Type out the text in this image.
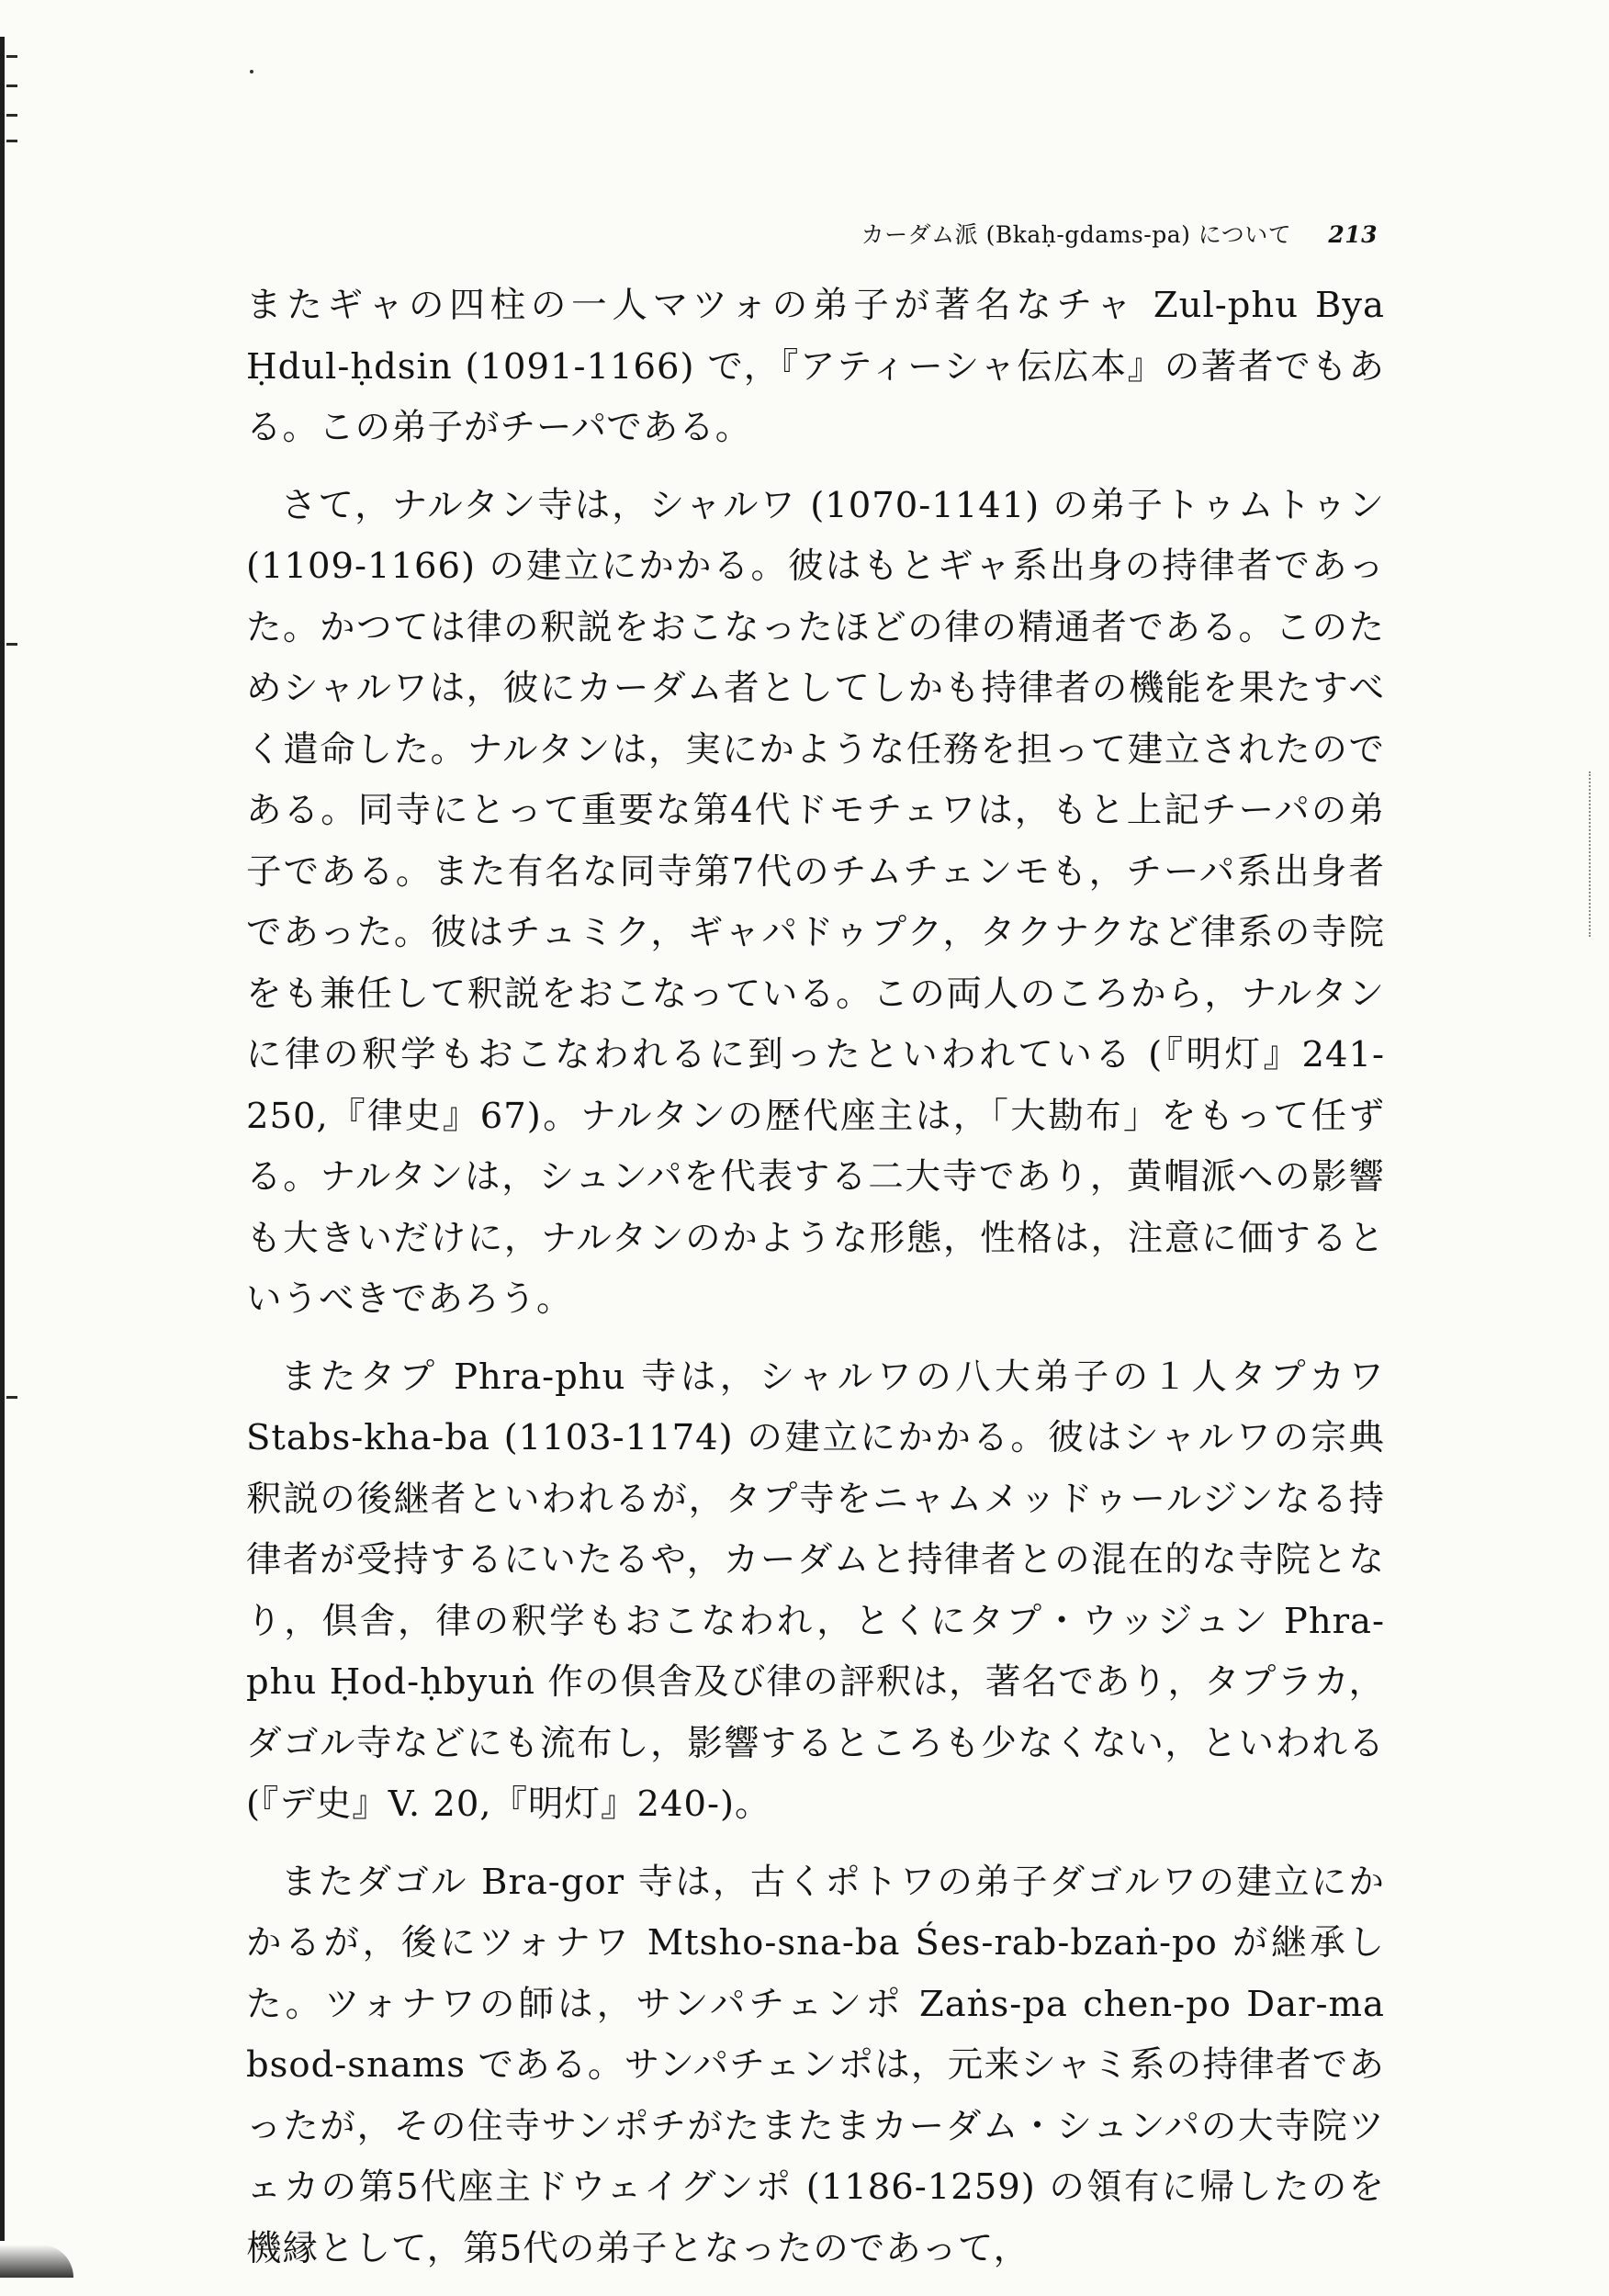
カーダム派 (Bkaḥ-gdams-pa) について 213

またギャの四柱の一人マツォの弟子が著名なチャ Zul-phu Bya Ḥdul-ḥdsin (1091-1166) で，『アティーシャ伝広本』の著者でもある。この弟子がチーパである。

さて，ナルタン寺は，シャルワ (1070-1141) の弟子トゥムトゥン (1109-1166) の建立にかかる。彼はもとギャ系出身の持律者であった。かつては律の釈説をおこなったほどの律の精通者である。このためシャルワは，彼にカーダム者としてしかも持律者の機能を果たすべく遣命した。ナルタンは，実にかような任務を担って建立されたのである。同寺にとって重要な第4代ドモチェワは，もと上記チーパの弟子である。また有名な同寺第7代のチムチェンモも，チーパ系出身者であった。彼はチュミク，ギャパドゥプク，タクナクなど律系の寺院をも兼任して釈説をおこなっている。この両人のころから，ナルタンに律の釈学もおこなわれるに到ったといわれている (『明灯』241-250,『律史』67)。ナルタンの歴代座主は，「大勘布」をもって任ずる。ナルタンは，シュンパを代表する二大寺であり，黄帽派への影響も大きいだけに，ナルタンのかような形態，性格は，注意に価するというべきであろう。

またタプ Phra-phu 寺は，シャルワの八大弟子の１人タプカワ Stabs-kha-ba (1103-1174) の建立にかかる。彼はシャルワの宗典釈説の後継者といわれるが，タプ寺をニャムメッドゥールジンなる持律者が受持するにいたるや，カーダムと持律者との混在的な寺院となり，倶舎，律の釈学もおこなわれ，とくにタプ・ウッジュン Phra-phu Ḥod-ḥbyuṅ 作の倶舎及び律の評釈は，著名であり，タプラカ，ダゴル寺などにも流布し，影響するところも少なくない，といわれる (『デ史』V. 20,『明灯』240-)。

またダゴル Bra-gor 寺は，古くポトワの弟子ダゴルワの建立にかかるが，後にツォナワ Mtsho-sna-ba Śes-rab-bzaṅ-po が継承した。ツォナワの師は，サンパチェンポ Zaṅs-pa chen-po Dar-ma bsod-snams である。サンパチェンポは，元来シャミ系の持律者であったが，その住寺サンポチがたまたまカーダム・シュンパの大寺院ツェカの第5代座主ドウェイグンポ (1186-1259) の領有に帰したのを機縁として，第5代の弟子となったのであって，
